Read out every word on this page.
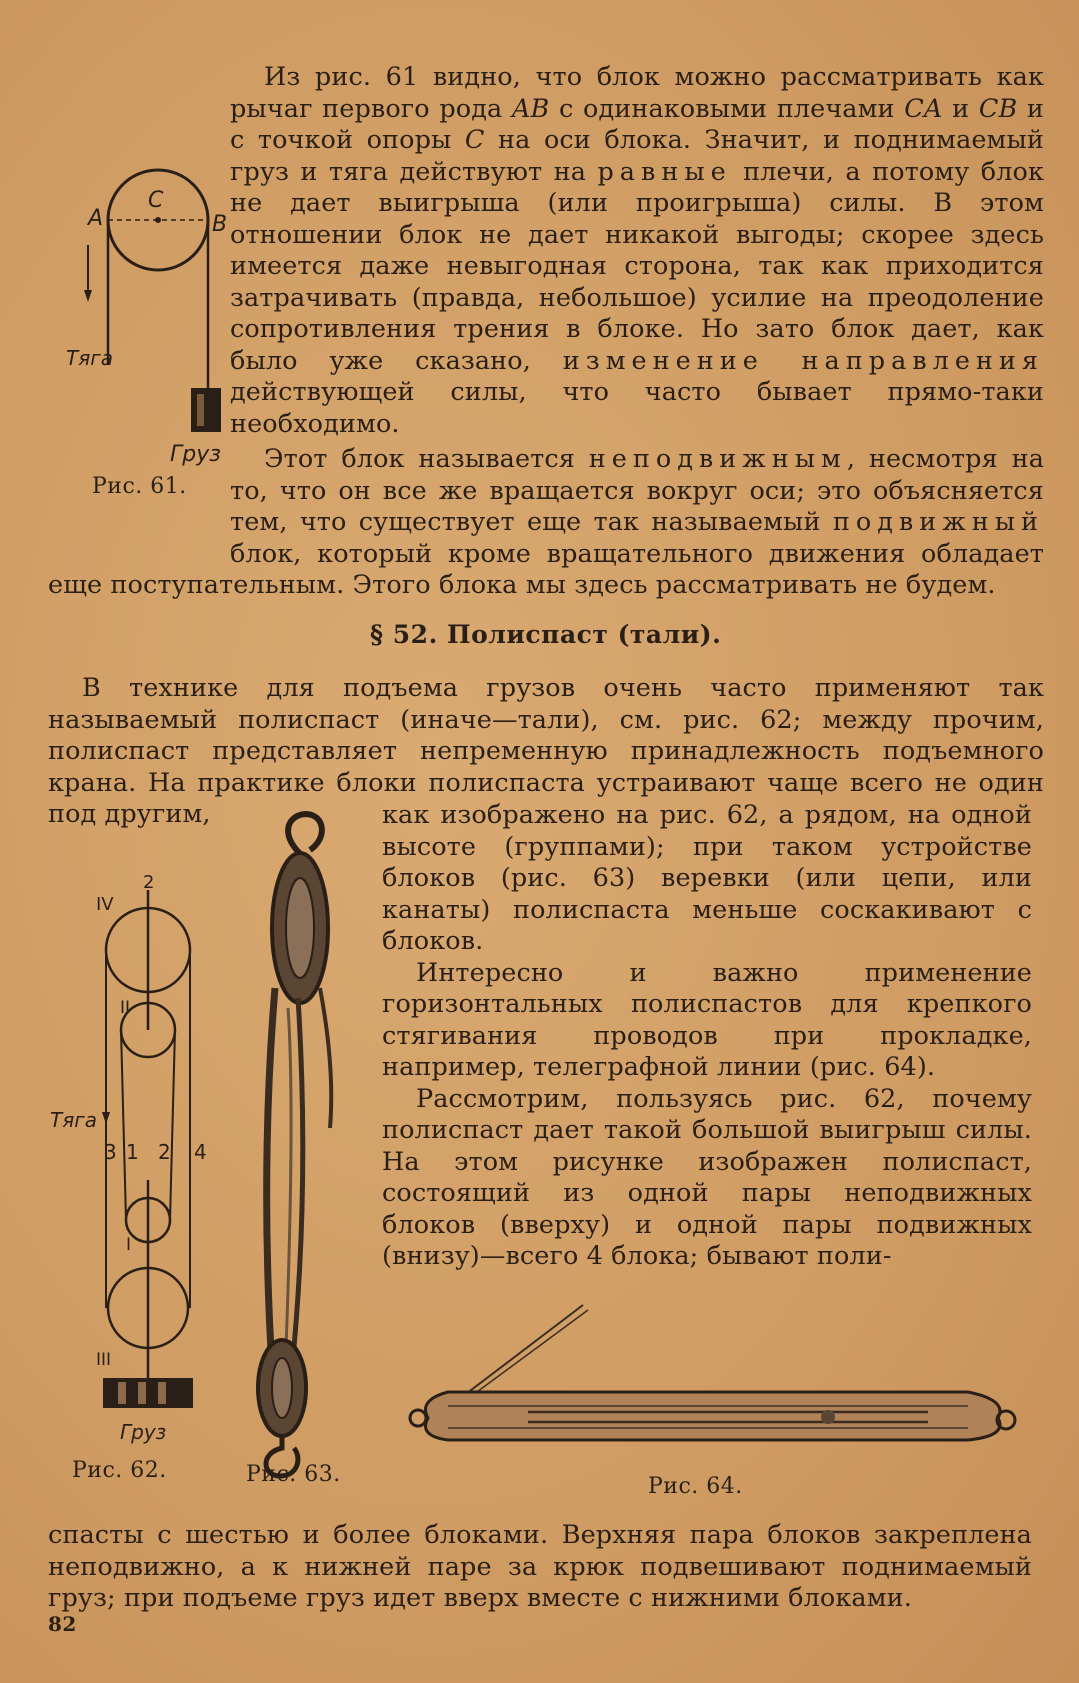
Из рис. 61 видно, что блок можно рассматривать как рычаг первого рода AB с одинаковыми плечами CA и CB и с точкой опоры C на оси блока. Значит, и поднимаемый груз и тяга действуют на равные плечи, а потому блок не дает выигрыша (или проигрыша) силы. В этом отношении блок не дает никакой выгоды; скорее здесь имеется даже невыгодная сторона, так как приходится затрачивать (правда, небольшое) усилие на преодоление сопротивления трения в блоке. Но зато блок дает, как было уже сказано, изменение направления действующей силы, что часто бывает прямо-таки необходимо.

Этот блок называется неподвижным, несмотря на то, что он все же вращается вокруг оси; это объясняется тем, что существует еще так называемый подвижный блок, который кроме вращательного движения обладает еще поступательным. Этого блока мы здесь рассматривать не будем.

C
A	B
Тяга
Груз
Рис. 61.
§ 52. Полиспаст (тали).

В технике для подъема грузов очень часто применяют так называемый полиспаст (иначе—тали), см. рис. 62; между прочим, полиспаст представляет непременную принадлежность подъемного крана. На практике блоки полиспаста устраивают чаще всего не один под другим,	как изображено на рис. 62, а рядом, на одной высоте (группами); при таком устройстве блоков (рис. 63) веревки (или цепи, или канаты) полиспаста меньше соскакивают с блоков.

Интересно и важно применение горизонтальных полиспастов для крепкого стягивания проводов при прокладке, например, телеграфной линии (рис. 64).

Рассмотрим, пользуясь рис. 62, почему полиспаст дает такой большой выигрыш силы. На этом рисунке изображен полиспаст, состоящий из одной пары неподвижных блоков (вверху) и одной пары подвижных (внизу)—всего 4 блока; бывают поли-

2
IV
II
I
III
Тяга
3 1 2 4
Груз
Рис. 62.	Рис. 63.	Рис. 64.

спасты с шестью и более блоками. Верхняя пара блоков закреплена неподвижно, а к нижней паре за крюк подвешивают поднимаемый груз; при подъеме груз идет вверх вместе с нижними блоками.

82
